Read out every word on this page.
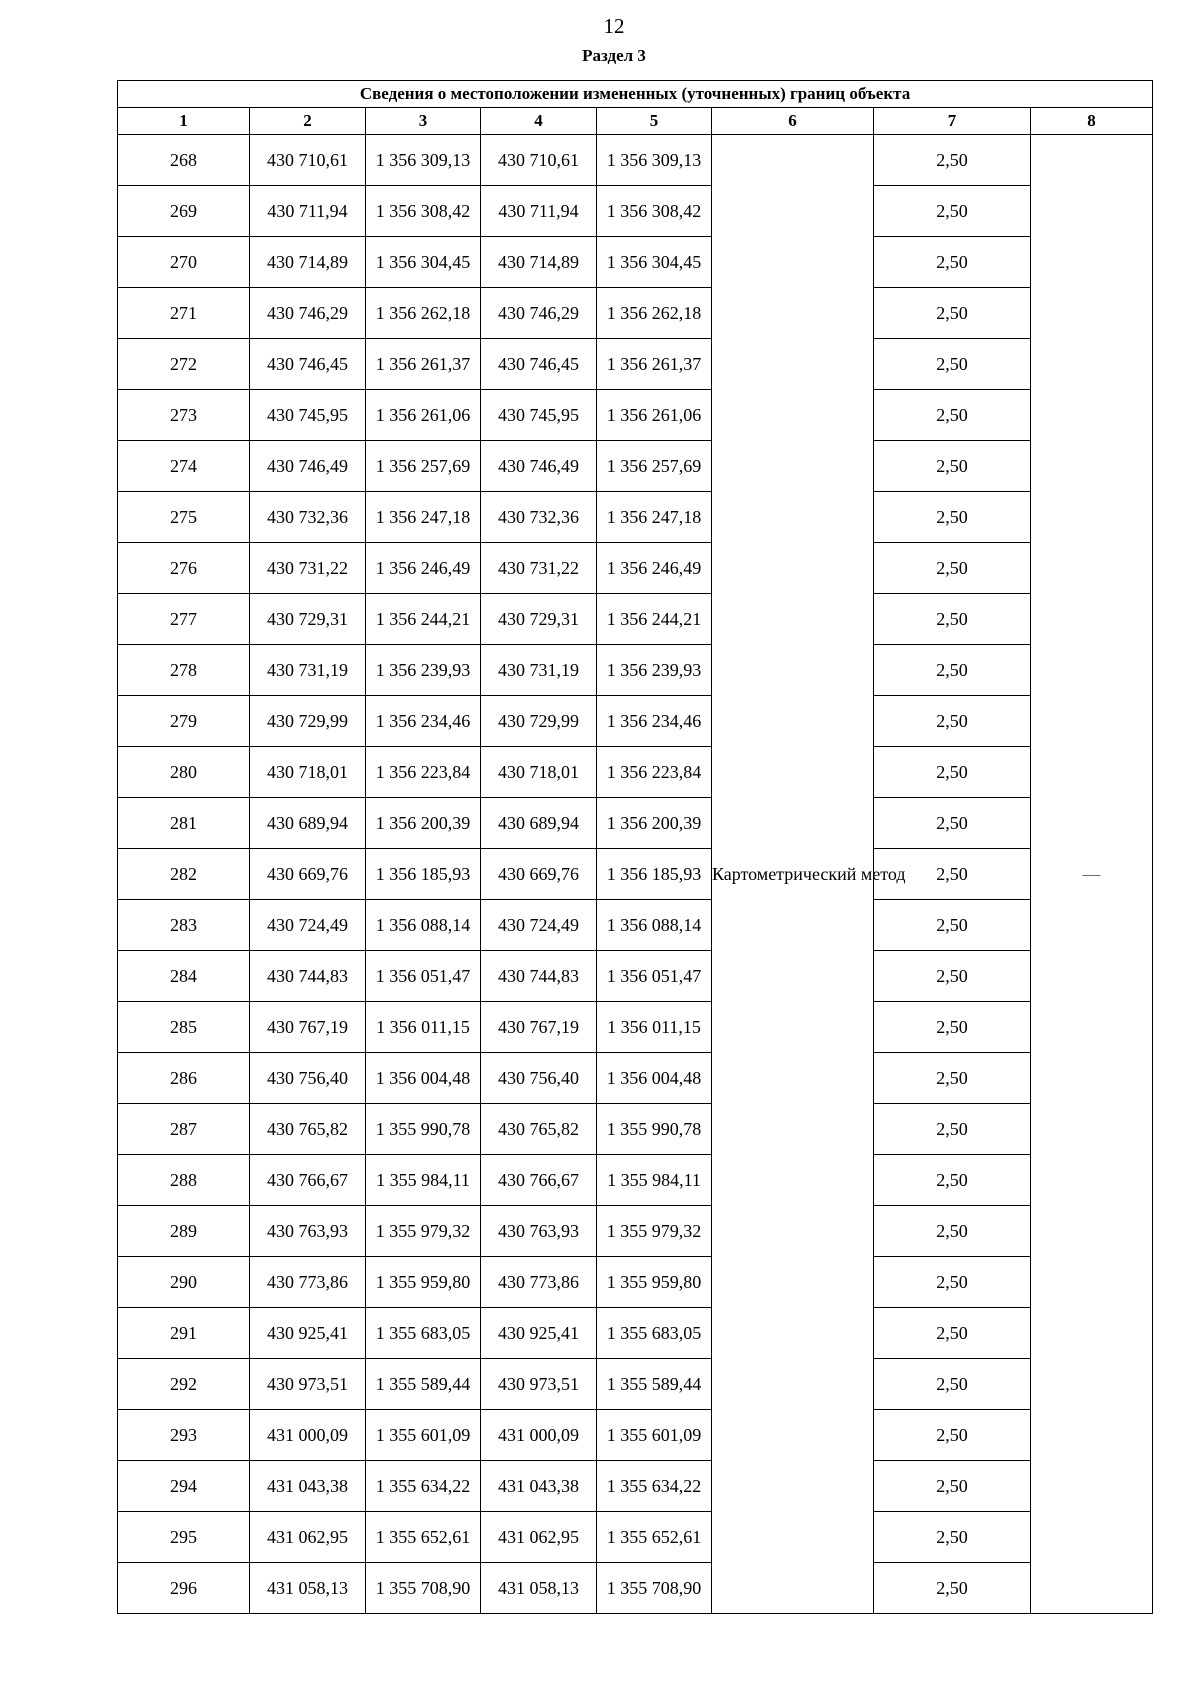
12
Раздел 3
Сведения о местоположении измененных (уточненных) границ объекта							
1	2	3	4	5	6	7	8
268	430 710,61	1 356 309,13	430 710,61	1 356 309,13	Картометрический метод	2,50	—
269	430 711,94	1 356 308,42	430 711,94	1 356 308,42		2,50	
270	430 714,89	1 356 304,45	430 714,89	1 356 304,45		2,50	
271	430 746,29	1 356 262,18	430 746,29	1 356 262,18		2,50	
272	430 746,45	1 356 261,37	430 746,45	1 356 261,37		2,50	
273	430 745,95	1 356 261,06	430 745,95	1 356 261,06		2,50	
274	430 746,49	1 356 257,69	430 746,49	1 356 257,69		2,50	
275	430 732,36	1 356 247,18	430 732,36	1 356 247,18		2,50	
276	430 731,22	1 356 246,49	430 731,22	1 356 246,49		2,50	
277	430 729,31	1 356 244,21	430 729,31	1 356 244,21		2,50	
278	430 731,19	1 356 239,93	430 731,19	1 356 239,93		2,50	
279	430 729,99	1 356 234,46	430 729,99	1 356 234,46		2,50	
280	430 718,01	1 356 223,84	430 718,01	1 356 223,84		2,50	
281	430 689,94	1 356 200,39	430 689,94	1 356 200,39		2,50	
282	430 669,76	1 356 185,93	430 669,76	1 356 185,93		2,50	
283	430 724,49	1 356 088,14	430 724,49	1 356 088,14		2,50	
284	430 744,83	1 356 051,47	430 744,83	1 356 051,47		2,50	
285	430 767,19	1 356 011,15	430 767,19	1 356 011,15		2,50	
286	430 756,40	1 356 004,48	430 756,40	1 356 004,48		2,50	
287	430 765,82	1 355 990,78	430 765,82	1 355 990,78		2,50	
288	430 766,67	1 355 984,11	430 766,67	1 355 984,11		2,50	
289	430 763,93	1 355 979,32	430 763,93	1 355 979,32		2,50	
290	430 773,86	1 355 959,80	430 773,86	1 355 959,80		2,50	
291	430 925,41	1 355 683,05	430 925,41	1 355 683,05		2,50	
292	430 973,51	1 355 589,44	430 973,51	1 355 589,44		2,50	
293	431 000,09	1 355 601,09	431 000,09	1 355 601,09		2,50	
294	431 043,38	1 355 634,22	431 043,38	1 355 634,22		2,50	
295	431 062,95	1 355 652,61	431 062,95	1 355 652,61		2,50	
296	431 058,13	1 355 708,90	431 058,13	1 355 708,90		2,50	
